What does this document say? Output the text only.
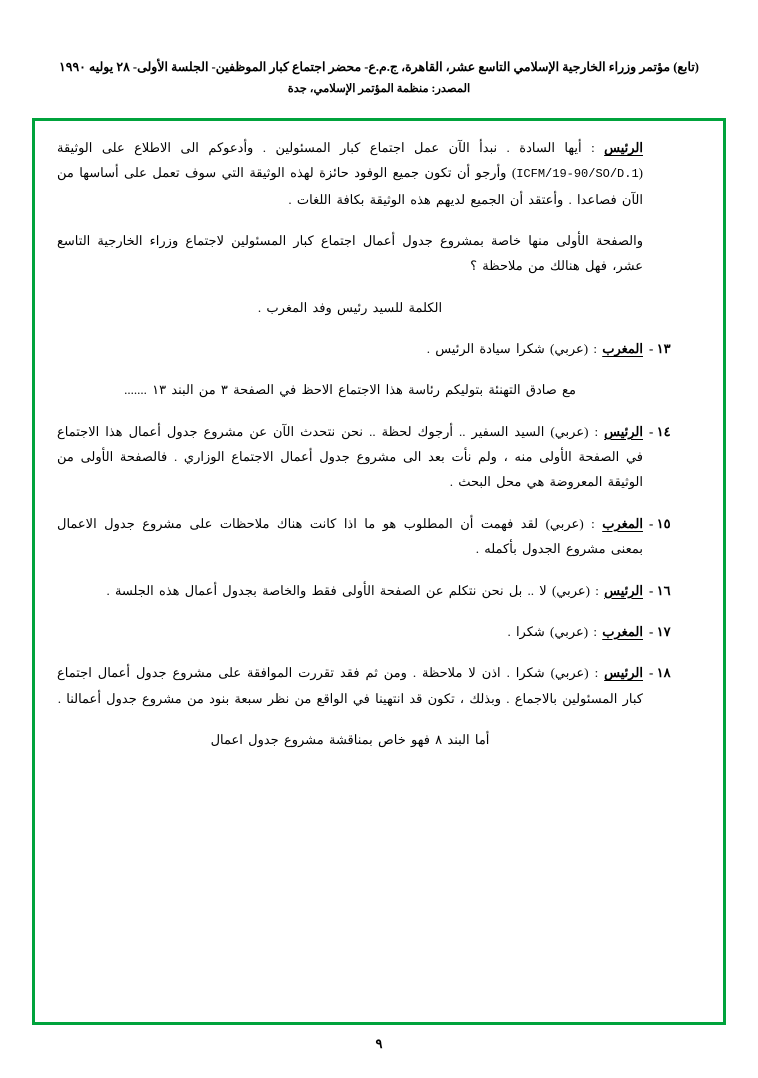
(تابع) مؤتمر وزراء الخارجية الإسلامي التاسع عشر، القاهرة، ج.م.ع- محضر اجتماع كبار الموظفين- الجلسة الأولى- ٢٨ يوليه ١٩٩٠
المصدر: منظمة المؤتمر الإسلامي، جدة
الرئيس : أيها السادة . نبدأ الآن عمل اجتماع كبار المسئولين . وأدعوكم الى الاطلاع على الوثيقة (ICFM/19-90/SO/D.1) وأرجو أن تكون جميع الوفود حائزة لهذه الوثيقة التي سوف تعمل على أساسها من الآن فصاعدا . وأعتقد أن الجميع لديهم هذه الوثيقة بكافة اللغات .
والصفحة الأولى منها خاصة بمشروع جدول أعمال اجتماع كبار المسئولين لاجتماع وزراء الخارجية التاسع عشر، فهل هنالك من ملاحظة ؟
الكلمة للسيد رئيس وفد المغرب .
١٣ -
المغرب : (عربي) شكرا سيادة الرئيس .
مع صادق التهنئة بتوليكم رئاسة هذا الاجتماع الاحظ في الصفحة ٣ من البند ١٣ .......
١٤ -
الرئيس : (عربي) السيد السفير .. أرجوك لحظة .. نحن نتحدث الآن عن مشروع جدول أعمال هذا الاجتماع في الصفحة الأولى منه ، ولم نأت بعد الى مشروع جدول أعمال الاجتماع الوزاري . فالصفحة الأولى من الوثيقة المعروضة هي محل البحث .
١٥ -
المغرب : (عربي) لقد فهمت أن المطلوب هو ما اذا كانت هناك ملاحظات على مشروع جدول الاعمال بمعنى مشروع الجدول بأكمله .
١٦ -
الرئيس : (عربي) لا .. بل نحن نتكلم عن الصفحة الأولى فقط والخاصة بجدول أعمال هذه الجلسة .
١٧ -
المغرب : (عربي) شكرا .
١٨ -
الرئيس : (عربي) شكرا . اذن لا ملاحظة . ومن ثم فقد تقررت الموافقة على مشروع جدول أعمال اجتماع كبار المسئولين بالاجماع . وبذلك ، تكون قد انتهينا في الواقع من نظر سبعة بنود من مشروع جدول أعمالنا .
أما البند ٨ فهو خاص بمناقشة مشروع جدول اعمال
٩
